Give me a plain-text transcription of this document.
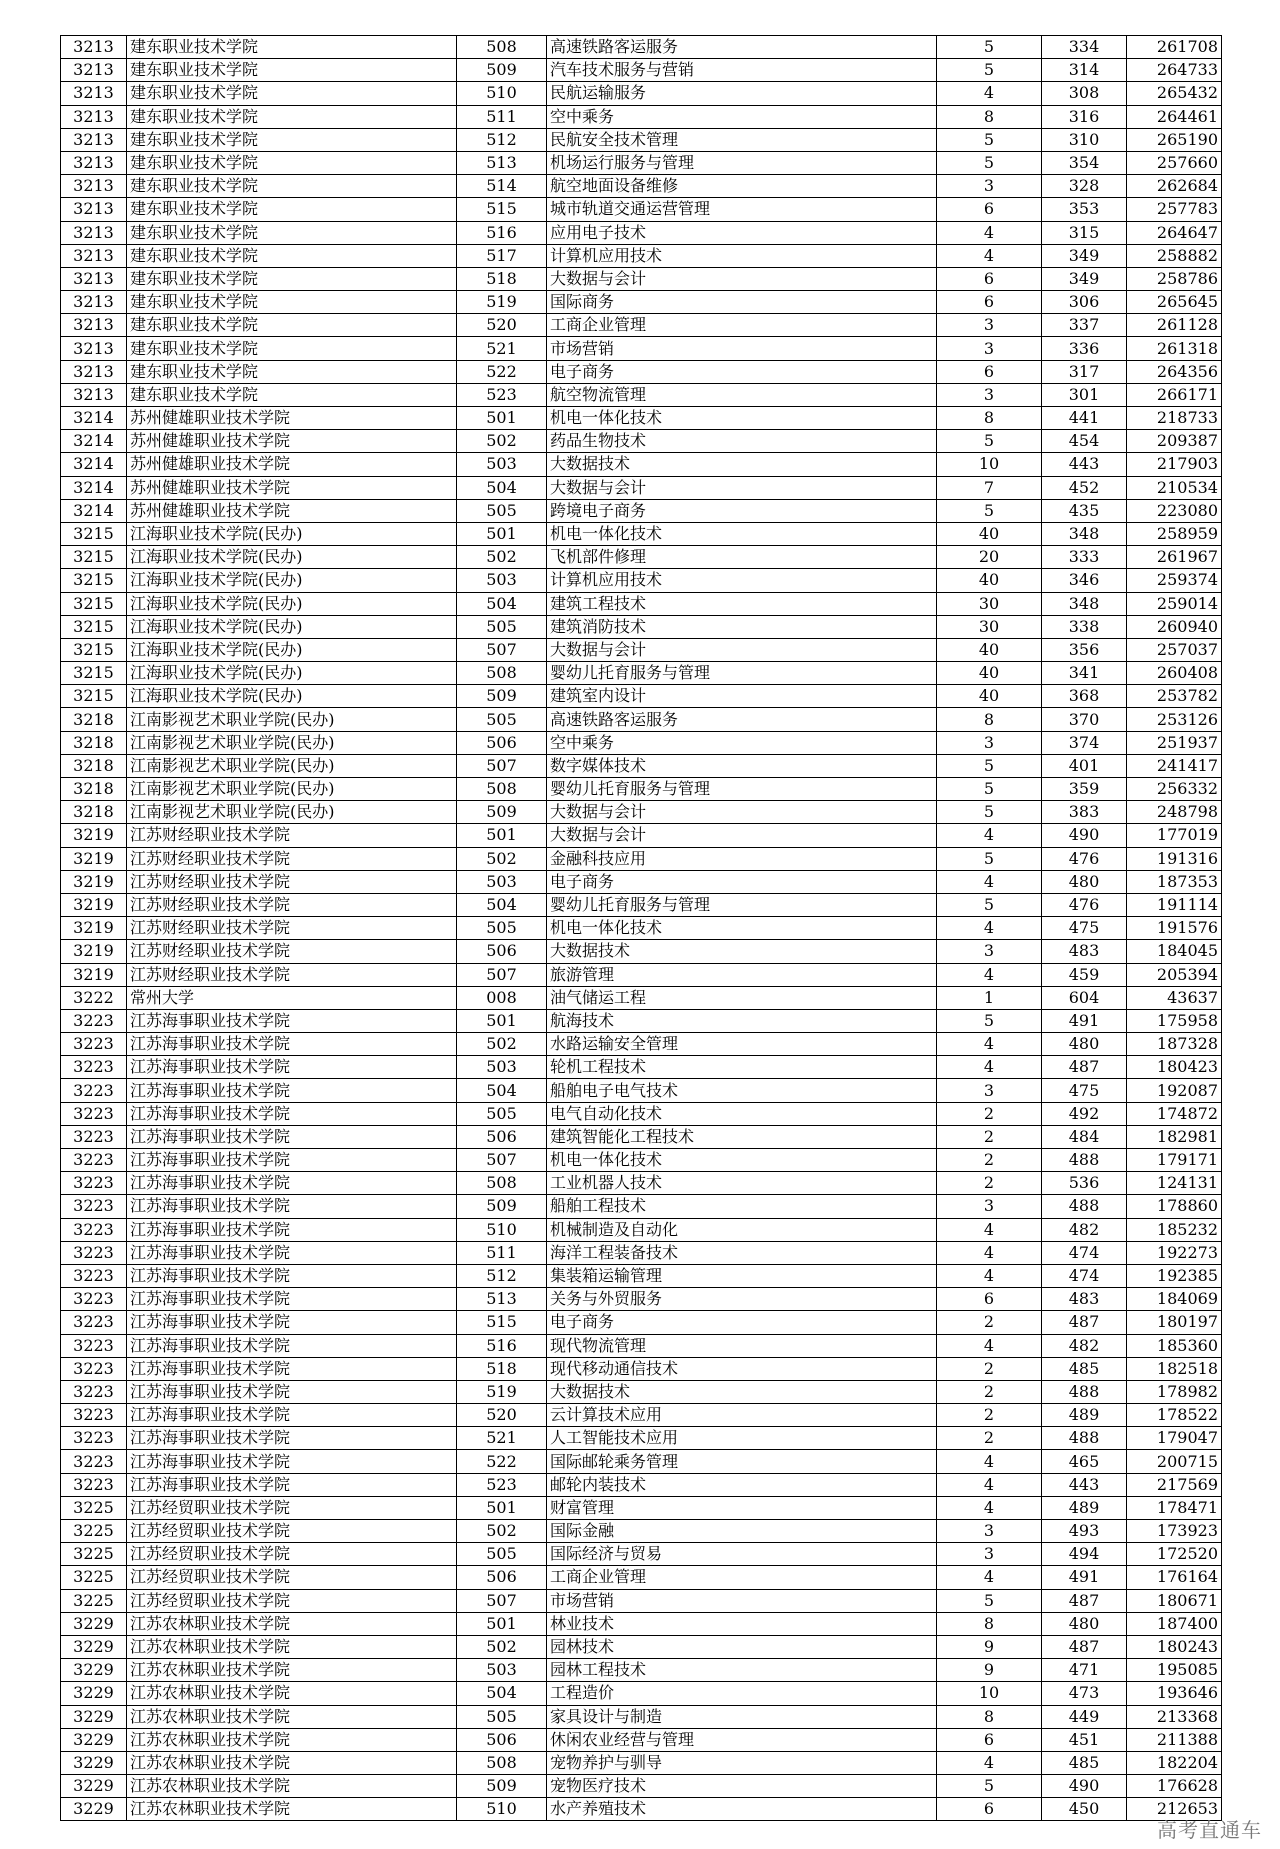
3213	建东职业技术学院	508	高速铁路客运服务	5	334	261708
3213	建东职业技术学院	509	汽车技术服务与营销	5	314	264733
3213	建东职业技术学院	510	民航运输服务	4	308	265432
3213	建东职业技术学院	511	空中乘务	8	316	264461
3213	建东职业技术学院	512	民航安全技术管理	5	310	265190
3213	建东职业技术学院	513	机场运行服务与管理	5	354	257660
3213	建东职业技术学院	514	航空地面设备维修	3	328	262684
3213	建东职业技术学院	515	城市轨道交通运营管理	6	353	257783
3213	建东职业技术学院	516	应用电子技术	4	315	264647
3213	建东职业技术学院	517	计算机应用技术	4	349	258882
3213	建东职业技术学院	518	大数据与会计	6	349	258786
3213	建东职业技术学院	519	国际商务	6	306	265645
3213	建东职业技术学院	520	工商企业管理	3	337	261128
3213	建东职业技术学院	521	市场营销	3	336	261318
3213	建东职业技术学院	522	电子商务	6	317	264356
3213	建东职业技术学院	523	航空物流管理	3	301	266171
3214	苏州健雄职业技术学院	501	机电一体化技术	8	441	218733
3214	苏州健雄职业技术学院	502	药品生物技术	5	454	209387
3214	苏州健雄职业技术学院	503	大数据技术	10	443	217903
3214	苏州健雄职业技术学院	504	大数据与会计	7	452	210534
3214	苏州健雄职业技术学院	505	跨境电子商务	5	435	223080
3215	江海职业技术学院(民办)	501	机电一体化技术	40	348	258959
3215	江海职业技术学院(民办)	502	飞机部件修理	20	333	261967
3215	江海职业技术学院(民办)	503	计算机应用技术	40	346	259374
3215	江海职业技术学院(民办)	504	建筑工程技术	30	348	259014
3215	江海职业技术学院(民办)	505	建筑消防技术	30	338	260940
3215	江海职业技术学院(民办)	507	大数据与会计	40	356	257037
3215	江海职业技术学院(民办)	508	婴幼儿托育服务与管理	40	341	260408
3215	江海职业技术学院(民办)	509	建筑室内设计	40	368	253782
3218	江南影视艺术职业学院(民办)	505	高速铁路客运服务	8	370	253126
3218	江南影视艺术职业学院(民办)	506	空中乘务	3	374	251937
3218	江南影视艺术职业学院(民办)	507	数字媒体技术	5	401	241417
3218	江南影视艺术职业学院(民办)	508	婴幼儿托育服务与管理	5	359	256332
3218	江南影视艺术职业学院(民办)	509	大数据与会计	5	383	248798
3219	江苏财经职业技术学院	501	大数据与会计	4	490	177019
3219	江苏财经职业技术学院	502	金融科技应用	5	476	191316
3219	江苏财经职业技术学院	503	电子商务	4	480	187353
3219	江苏财经职业技术学院	504	婴幼儿托育服务与管理	5	476	191114
3219	江苏财经职业技术学院	505	机电一体化技术	4	475	191576
3219	江苏财经职业技术学院	506	大数据技术	3	483	184045
3219	江苏财经职业技术学院	507	旅游管理	4	459	205394
3222	常州大学	008	油气储运工程	1	604	43637
3223	江苏海事职业技术学院	501	航海技术	5	491	175958
3223	江苏海事职业技术学院	502	水路运输安全管理	4	480	187328
3223	江苏海事职业技术学院	503	轮机工程技术	4	487	180423
3223	江苏海事职业技术学院	504	船舶电子电气技术	3	475	192087
3223	江苏海事职业技术学院	505	电气自动化技术	2	492	174872
3223	江苏海事职业技术学院	506	建筑智能化工程技术	2	484	182981
3223	江苏海事职业技术学院	507	机电一体化技术	2	488	179171
3223	江苏海事职业技术学院	508	工业机器人技术	2	536	124131
3223	江苏海事职业技术学院	509	船舶工程技术	3	488	178860
3223	江苏海事职业技术学院	510	机械制造及自动化	4	482	185232
3223	江苏海事职业技术学院	511	海洋工程装备技术	4	474	192273
3223	江苏海事职业技术学院	512	集装箱运输管理	4	474	192385
3223	江苏海事职业技术学院	513	关务与外贸服务	6	483	184069
3223	江苏海事职业技术学院	515	电子商务	2	487	180197
3223	江苏海事职业技术学院	516	现代物流管理	4	482	185360
3223	江苏海事职业技术学院	518	现代移动通信技术	2	485	182518
3223	江苏海事职业技术学院	519	大数据技术	2	488	178982
3223	江苏海事职业技术学院	520	云计算技术应用	2	489	178522
3223	江苏海事职业技术学院	521	人工智能技术应用	2	488	179047
3223	江苏海事职业技术学院	522	国际邮轮乘务管理	4	465	200715
3223	江苏海事职业技术学院	523	邮轮内装技术	4	443	217569
3225	江苏经贸职业技术学院	501	财富管理	4	489	178471
3225	江苏经贸职业技术学院	502	国际金融	3	493	173923
3225	江苏经贸职业技术学院	505	国际经济与贸易	3	494	172520
3225	江苏经贸职业技术学院	506	工商企业管理	4	491	176164
3225	江苏经贸职业技术学院	507	市场营销	5	487	180671
3229	江苏农林职业技术学院	501	林业技术	8	480	187400
3229	江苏农林职业技术学院	502	园林技术	9	487	180243
3229	江苏农林职业技术学院	503	园林工程技术	9	471	195085
3229	江苏农林职业技术学院	504	工程造价	10	473	193646
3229	江苏农林职业技术学院	505	家具设计与制造	8	449	213368
3229	江苏农林职业技术学院	506	休闲农业经营与管理	6	451	211388
3229	江苏农林职业技术学院	508	宠物养护与驯导	4	485	182204
3229	江苏农林职业技术学院	509	宠物医疗技术	5	490	176628
3229	江苏农林职业技术学院	510	水产养殖技术	6	450	212653
高考直通车
